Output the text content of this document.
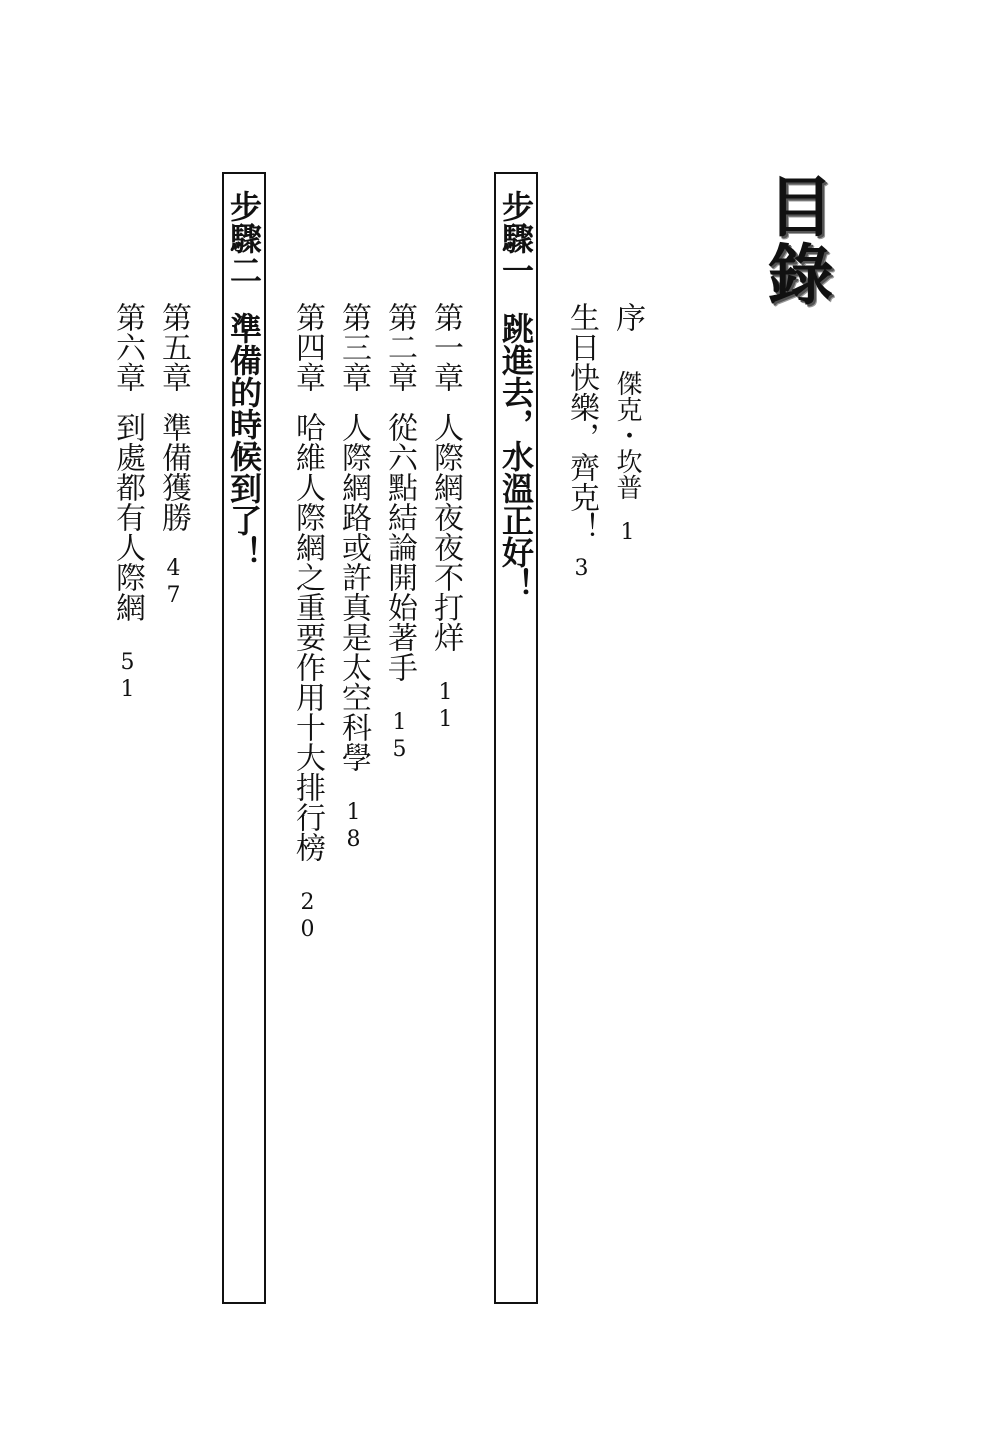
目錄
序傑克・坎普1
生日快樂，齊克！3
步驟一跳進去，水溫正好！
第一章人際網夜夜不打烊11
第二章從六點結論開始著手15
第三章人際網路或許真是太空科學18
第四章哈維人際網之重要作用十大排行榜20
步驟二準備的時候到了！
第五章準備獲勝47
第六章到處都有人際網51
